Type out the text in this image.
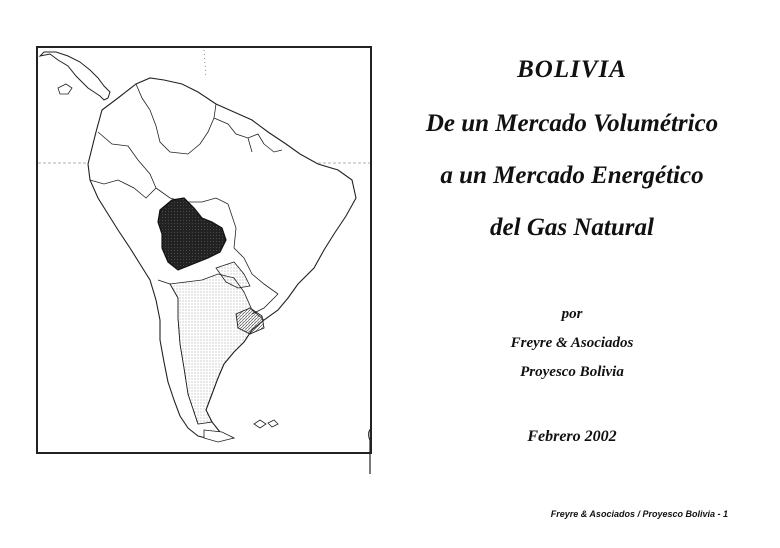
BOLIVIA
De un Mercado Volumétrico
a un Mercado Energético
del Gas Natural
por
Freyre & Asociados
Proyesco Bolivia
Febrero 2002
Freyre & Asociados / Proyesco Bolivia - 1
